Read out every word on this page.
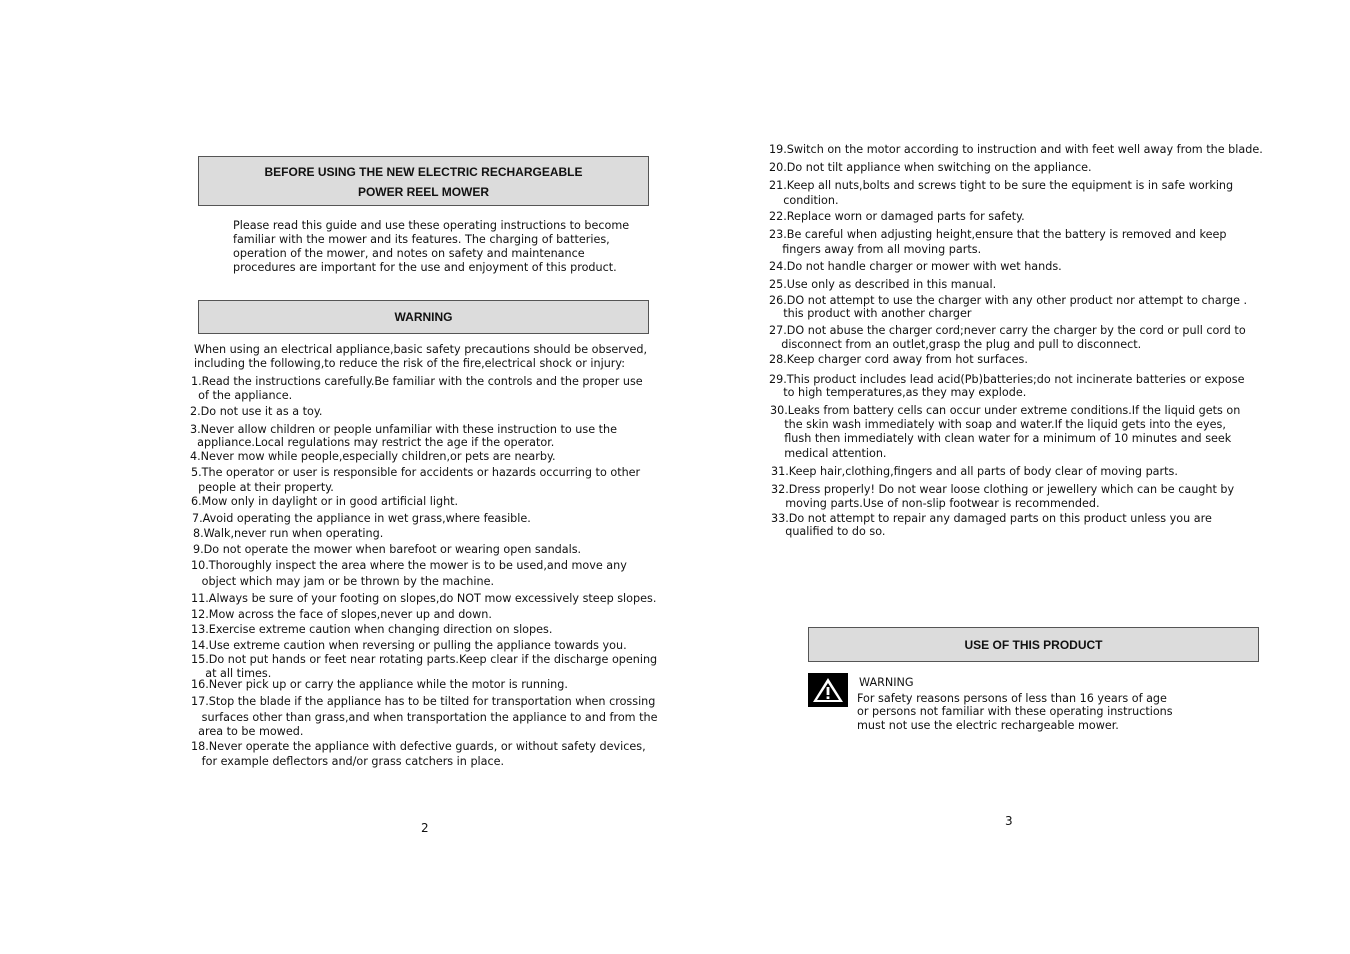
BEFORE USING THE NEW ELECTRIC RECHARGEABLE
POWER REEL MOWER
Please read this guide and use these operating instructions to become
familiar with the mower and its features. The charging of batteries,
operation of the mower, and notes on safety and maintenance
procedures are important for the use and enjoyment of this product.
WARNING
When using an electrical appliance,basic safety precautions should be observed,
including the following,to reduce the risk of the fire,electrical shock or injury:
1.Read the instructions carefully.Be familiar with the controls and the proper use
of the appliance.
2.Do not use it as a toy.
3.Never allow children or people unfamiliar with these instruction to use the
appliance.Local regulations may restrict the age if the operator.
4.Never mow while people,especially children,or pets are nearby.
5.The operator or user is responsible for accidents or hazards occurring to other
people at their property.
6.Mow only in daylight or in good artificial light.
7.Avoid operating the appliance in wet grass,where feasible.
8.Walk,never run when operating.
9.Do not operate the mower when barefoot or wearing open sandals.
10.Thoroughly inspect the area where the mower is to be used,and move any
object which may jam or be thrown by the machine.
11.Always be sure of your footing on slopes,do NOT mow excessively steep slopes.
12.Mow across the face of slopes,never up and down.
13.Exercise extreme caution when changing direction on slopes.
14.Use extreme caution when reversing or pulling the appliance towards you.
15.Do not put hands or feet near rotating parts.Keep clear if the discharge opening
at all times.
16.Never pick up or carry the appliance while the motor is running.
17.Stop the blade if the appliance has to be tilted for transportation when crossing
surfaces other than grass,and when transportation the appliance to and from the
area to be mowed.
18.Never operate the appliance with defective guards, or without safety devices,
for example deflectors and/or grass catchers in place.
2
19.Switch on the motor according to instruction and with feet well away from the blade.
20.Do not tilt appliance when switching on the appliance.
21.Keep all nuts,bolts and screws tight to be sure the equipment is in safe working
condition.
22.Replace worn or damaged parts for safety.
23.Be careful when adjusting height,ensure that the battery is removed and keep
fingers away from all moving parts.
24.Do not handle charger or mower with wet hands.
25.Use only as described in this manual.
26.DO not attempt to use the charger with any other product nor attempt to charge .
this product with another charger
27.DO not abuse the charger cord;never carry the charger by the cord or pull cord to
disconnect from an outlet,grasp the plug and pull to disconnect.
28.Keep charger cord away from hot surfaces.
29.This product includes lead acid(Pb)batteries;do not incinerate batteries or expose
to high temperatures,as they may explode.
30.Leaks from battery cells can occur under extreme conditions.If the liquid gets on
the skin wash immediately with soap and water.If the liquid gets into the eyes,
flush then immediately with clean water for a minimum of 10 minutes and seek
medical attention.
31.Keep hair,clothing,fingers and all parts of body clear of moving parts.
32.Dress properly! Do not wear loose clothing or jewellery which can be caught by
moving parts.Use of non-slip footwear is recommended.
33.Do not attempt to repair any damaged parts on this product unless you are
qualified to do so.
USE OF THIS PRODUCT
WARNING
For safety reasons persons of less than 16 years of age
or persons not familiar with these operating instructions
must not use the electric rechargeable mower.
3
